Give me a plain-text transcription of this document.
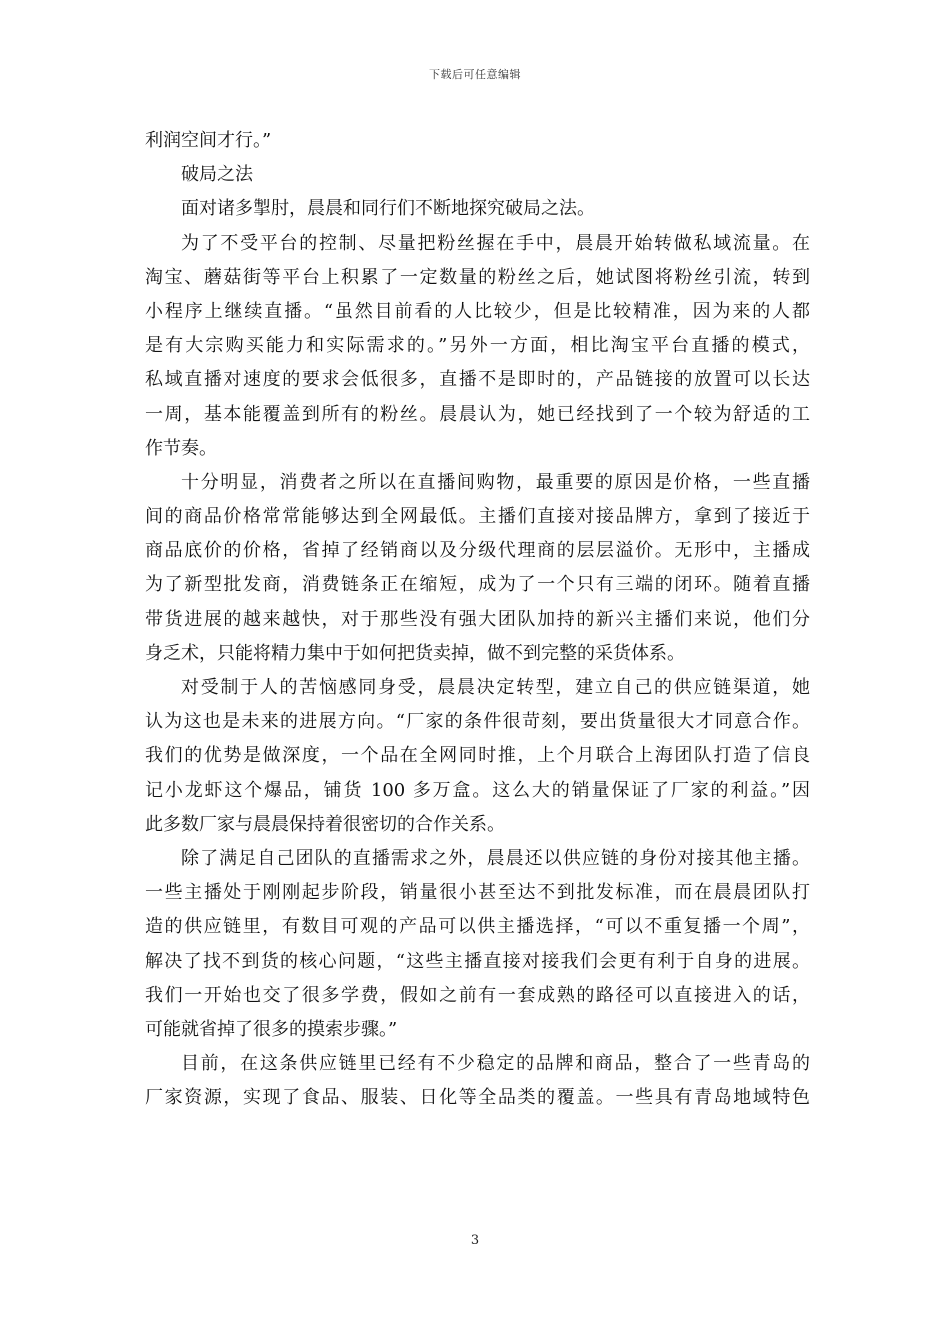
下载后可任意编辑
利润空间才行。”
破局之法
面对诸多掣肘，晨晨和同行们不断地探究破局之法。
为了不受平台的控制、尽量把粉丝握在手中，晨晨开始转做私域流量。在
淘宝、蘑菇街等平台上积累了一定数量的粉丝之后，她试图将粉丝引流，转到
小程序上继续直播。“虽然目前看的人比较少，但是比较精准，因为来的人都
是有大宗购买能力和实际需求的。”另外一方面，相比淘宝平台直播的模式，
私域直播对速度的要求会低很多，直播不是即时的，产品链接的放置可以长达
一周，基本能覆盖到所有的粉丝。晨晨认为，她已经找到了一个较为舒适的工
作节奏。
十分明显，消费者之所以在直播间购物，最重要的原因是价格，一些直播
间的商品价格常常能够达到全网最低。主播们直接对接品牌方，拿到了接近于
商品底价的价格，省掉了经销商以及分级代理商的层层溢价。无形中，主播成
为了新型批发商，消费链条正在缩短，成为了一个只有三端的闭环。随着直播
带货进展的越来越快，对于那些没有强大团队加持的新兴主播们来说，他们分
身乏术，只能将精力集中于如何把货卖掉，做不到完整的采货体系。
对受制于人的苦恼感同身受，晨晨决定转型，建立自己的供应链渠道，她
认为这也是未来的进展方向。“厂家的条件很苛刻，要出货量很大才同意合作。
我们的优势是做深度，一个品在全网同时推，上个月联合上海团队打造了信良
记小龙虾这个爆品，铺货 100 多万盒。这么大的销量保证了厂家的利益。”因
此多数厂家与晨晨保持着很密切的合作关系。
除了满足自己团队的直播需求之外，晨晨还以供应链的身份对接其他主播。
一些主播处于刚刚起步阶段，销量很小甚至达不到批发标准，而在晨晨团队打
造的供应链里，有数目可观的产品可以供主播选择，“可以不重复播一个周”，
解决了找不到货的核心问题，“这些主播直接对接我们会更有利于自身的进展。
我们一开始也交了很多学费，假如之前有一套成熟的路径可以直接进入的话，
可能就省掉了很多的摸索步骤。”
目前，在这条供应链里已经有不少稳定的品牌和商品，整合了一些青岛的
厂家资源，实现了食品、服装、日化等全品类的覆盖。一些具有青岛地域特色
3
